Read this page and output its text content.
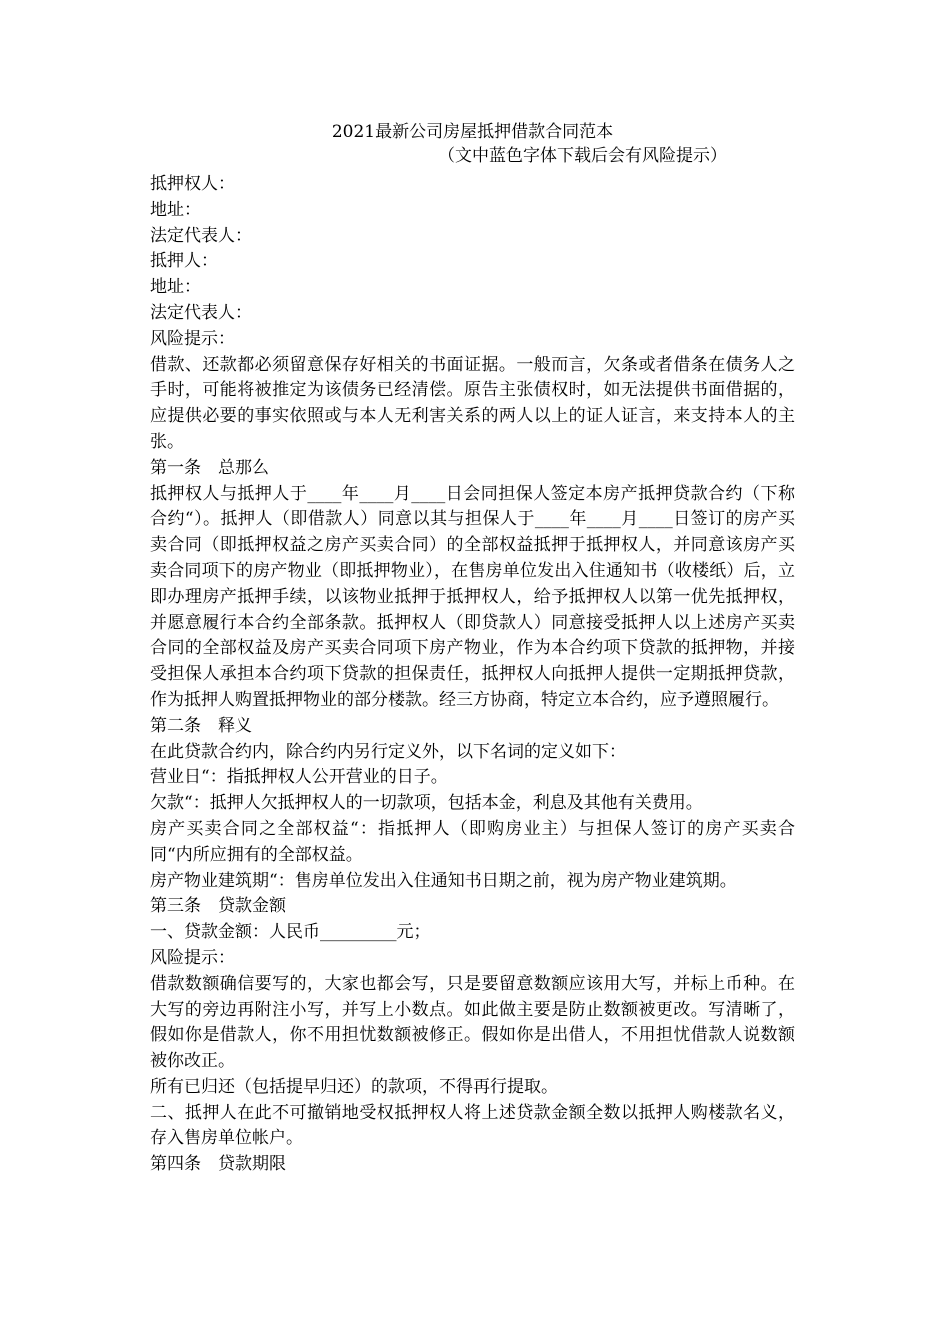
2021最新公司房屋抵押借款合同范本

（文中蓝色字体下载后会有风险提示）

抵押权人：

地址：

法定代表人：

抵押人：

地址：

法定代表人：

风险提示：

借款、还款都必须留意保存好相关的书面证据。一般而言，欠条或者借条在债务人之手时，可能将被推定为该债务已经清偿。原告主张债权时，如无法提供书面借据的，应提供必要的事实依照或与本人无利害关系的两人以上的证人证言，来支持本人的主张。

第一条　总那么

抵押权人与抵押人于____年____月____日会同担保人签定本房产抵押贷款合约（下称合约“）。抵押人（即借款人）同意以其与担保人于____年____月____日签订的房产买卖合同（即抵押权益之房产买卖合同）的全部权益抵押于抵押权人，并同意该房产买卖合同项下的房产物业（即抵押物业），在售房单位发出入住通知书（收楼纸）后，立即办理房产抵押手续，以该物业抵押于抵押权人，给予抵押权人以第一优先抵押权，并愿意履行本合约全部条款。抵押权人（即贷款人）同意接受抵押人以上述房产买卖合同的全部权益及房产买卖合同项下房产物业，作为本合约项下贷款的抵押物，并接受担保人承担本合约项下贷款的担保责任，抵押权人向抵押人提供一定期抵押贷款，作为抵押人购置抵押物业的部分楼款。经三方协商，特定立本合约，应予遵照履行。

第二条　释义

在此贷款合约内，除合约内另行定义外，以下名词的定义如下：

营业日“：指抵押权人公开营业的日子。

欠款“：抵押人欠抵押权人的一切款项，包括本金，利息及其他有关费用。

房产买卖合同之全部权益“：指抵押人（即购房业主）与担保人签订的房产买卖合同“内所应拥有的全部权益。

房产物业建筑期“：售房单位发出入住通知书日期之前，视为房产物业建筑期。

第三条　贷款金额

一、贷款金额：人民币_________元；

风险提示：

借款数额确信要写的，大家也都会写，只是要留意数额应该用大写，并标上币种。在大写的旁边再附注小写，并写上小数点。如此做主要是防止数额被更改。写清晰了，假如你是借款人，你不用担忧数额被修正。假如你是出借人，不用担忧借款人说数额被你改正。

所有已归还（包括提早归还）的款项，不得再行提取。

二、抵押人在此不可撤销地受权抵押权人将上述贷款金额全数以抵押人购楼款名义，存入售房单位帐户。

第四条　贷款期限
